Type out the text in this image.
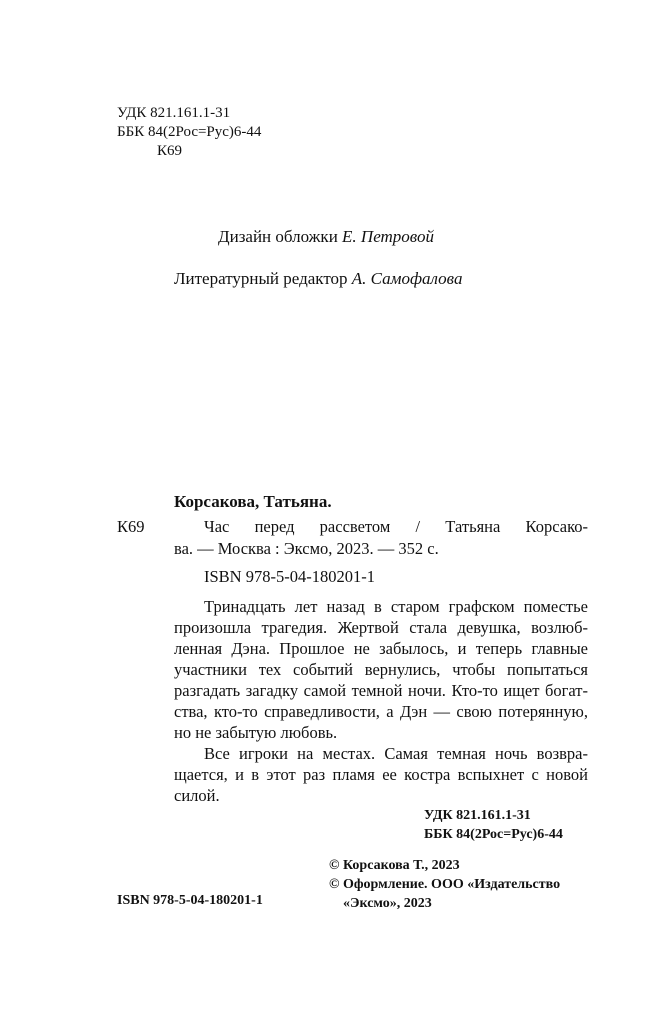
УДК 821.161.1-31
ББК 84(2Рос=Рус)6-44
К69
Дизайн обложки Е. Петровой
Литературный редактор А. Самофалова
Корсакова, Татьяна.
К69	Час перед рассветом / Татьяна Корсако-
ва. — Москва : Эксмо, 2023. — 352 с.
ISBN 978-5-04-180201-1
Тринадцать лет назад в старом графском поместье
произошла трагедия. Жертвой стала девушка, возлюб-
ленная Дэна. Прошлое не забылось, и теперь главные
участники тех событий вернулись, чтобы попытаться
разгадать загадку самой темной ночи. Кто-то ищет богат-
ства, кто-то справедливости, а Дэн — свою потерянную,
но не забытую любовь.
Все игроки на местах. Самая темная ночь возвра-
щается, и в этот раз пламя ее костра вспыхнет с новой
силой.
УДК 821.161.1-31
ББК 84(2Рос=Рус)6-44
© Корсакова Т., 2023
© Оформление. ООО «Издательство
ISBN 978-5-04-180201-1	«Эксмо», 2023
